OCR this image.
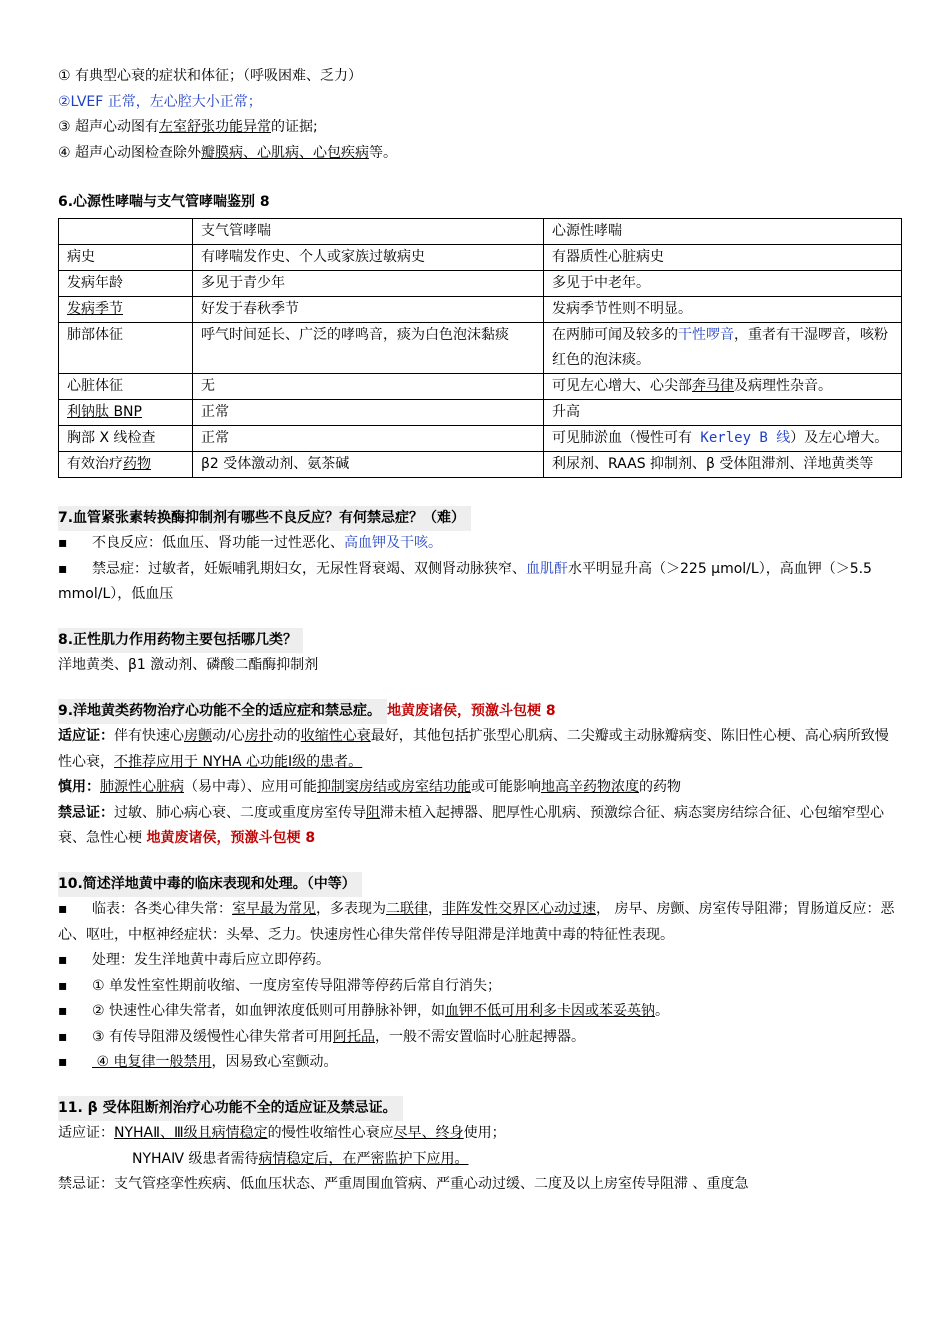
① 有典型心衰的症状和体征；（呼吸困难、乏力）
②LVEF 正常，左心腔大小正常；
③ 超声心动图有左室舒张功能异常的证据;
④ 超声心动图检查除外瓣膜病、心肌病、心包疾病等。
6.心源性哮喘与支气管哮喘鉴别 8
	支气管哮喘	心源性哮喘
病史	有哮喘发作史、个人或家族过敏病史	有器质性心脏病史
发病年龄	多见于青少年	多见于中老年。
发病季节	好发于春秋季节	发病季节性则不明显。
肺部体征	呼气时间延长、广泛的哮鸣音，痰为白色泡沫黏痰	在两肺可闻及较多的干性啰音，重者有干湿啰音，咳粉红色的泡沫痰。
心脏体征	无	可见左心增大、心尖部奔马律及病理性杂音。
利钠肽 BNP	正常	升高
胸部 X 线检查	正常	可见肺淤血（慢性可有 Kerley B 线）及左心增大。
有效治疗药物	β2 受体激动剂、氨茶碱	利尿剂、RAAS 抑制剂、β 受体阻滞剂、洋地黄类等
7.血管紧张素转换酶抑制剂有哪些不良反应？有何禁忌症？（难）
▪ 不良反应：低血压、肾功能一过性恶化、高血钾及干咳。
▪ 禁忌症：过敏者，妊娠哺乳期妇女，无尿性肾衰竭、双侧肾动脉狭窄、血肌酐水平明显升高（＞225 μmol/L），高血钾（＞5.5 mmol/L），低血压
8.正性肌力作用药物主要包括哪几类？
洋地黄类、β1 激动剂、磷酸二酯酶抑制剂
9.洋地黄类药物治疗心功能不全的适应症和禁忌症。 地黄废诸侯，预激斗包梗 8
适应证：伴有快速心房颤动/心房扑动的收缩性心衰最好，其他包括扩张型心肌病、二尖瓣或主动脉瓣病变、陈旧性心梗、高心病所致慢性心衰，不推荐应用于 NYHA 心功能Ⅰ级的患者。
慎用：肺源性心脏病（易中毒）、应用可能抑制窦房结或房室结功能或可能影响地高辛药物浓度的药物
禁忌证：过敏、肺心病心衰、二度或重度房室传导阻滞未植入起搏器、肥厚性心肌病、预激综合征、病态窦房结综合征、心包缩窄型心衰、急性心梗 地黄废诸侯，预激斗包梗 8
10.简述洋地黄中毒的临床表现和处理。（中等）
▪ 临表：各类心律失常：室早最为常见，多表现为二联律，非阵发性交界区心动过速， 房早、房颤、房室传导阻滞；胃肠道反应：恶心、呕吐，中枢神经症状：头晕、乏力。快速房性心律失常伴传导阻滞是洋地黄中毒的特征性表现。
▪ 处理：发生洋地黄中毒后应立即停药。
▪ ① 单发性室性期前收缩、一度房室传导阻滞等停药后常自行消失；
▪ ② 快速性心律失常者，如血钾浓度低则可用静脉补钾，如血钾不低可用利多卡因或苯妥英钠。
▪ ③ 有传导阻滞及缓慢性心律失常者可用阿托品，一般不需安置临时心脏起搏器。
▪ ④ 电复律一般禁用，因易致心室颤动。
11. β 受体阻断剂治疗心功能不全的适应证及禁忌证。
适应证：NYHAⅡ、Ⅲ级且病情稳定的慢性收缩性心衰应尽早、终身使用；
NYHAⅣ 级患者需待病情稳定后，在严密监护下应用。
禁忌证：支气管痉挛性疾病、低血压状态、严重周围血管病、严重心动过缓、二度及以上房室传导阻滞 、重度急
